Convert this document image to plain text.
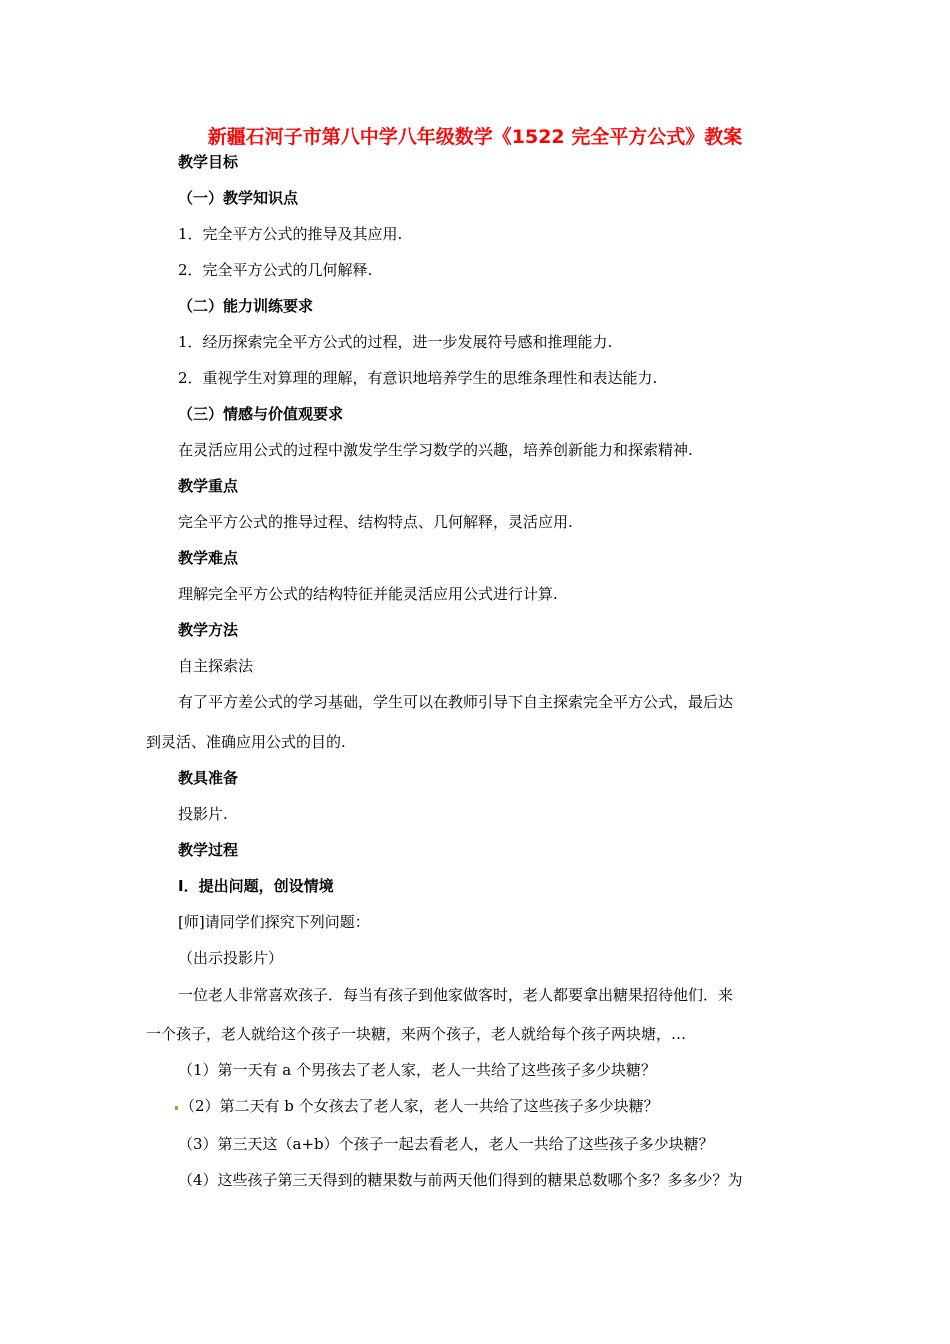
新疆石河子市第八中学八年级数学《1522 完全平方公式》教案
教学目标
（一）教学知识点
1．完全平方公式的推导及其应用.
2．完全平方公式的几何解释.
（二）能力训练要求
1．经历探索完全平方公式的过程，进一步发展符号感和推理能力.
2．重视学生对算理的理解，有意识地培养学生的思维条理性和表达能力.
（三）情感与价值观要求
在灵活应用公式的过程中激发学生学习数学的兴趣，培养创新能力和探索精神.
教学重点
完全平方公式的推导过程、结构特点、几何解释，灵活应用.
教学难点
理解完全平方公式的结构特征并能灵活应用公式进行计算.
教学方法
自主探索法
有了平方差公式的学习基础，学生可以在教师引导下自主探索完全平方公式，最后达
到灵活、准确应用公式的目的.
教具准备
投影片.
教学过程
Ⅰ．提出问题，创设情境
[师]请同学们探究下列问题：
（出示投影片）
一位老人非常喜欢孩子．每当有孩子到他家做客时，老人都要拿出糖果招待他们．来
一个孩子，老人就给这个孩子一块糖，来两个孩子，老人就给每个孩子两块塘，…
（1）第一天有 a 个男孩去了老人家，老人一共给了这些孩子多少块糖？
（2）第二天有 b 个女孩去了老人家，老人一共给了这些孩子多少块糖？
（3）第三天这（a+b）个孩子一起去看老人，老人一共给了这些孩子多少块糖？
（4）这些孩子第三天得到的糖果数与前两天他们得到的糖果总数哪个多？多多少？为
